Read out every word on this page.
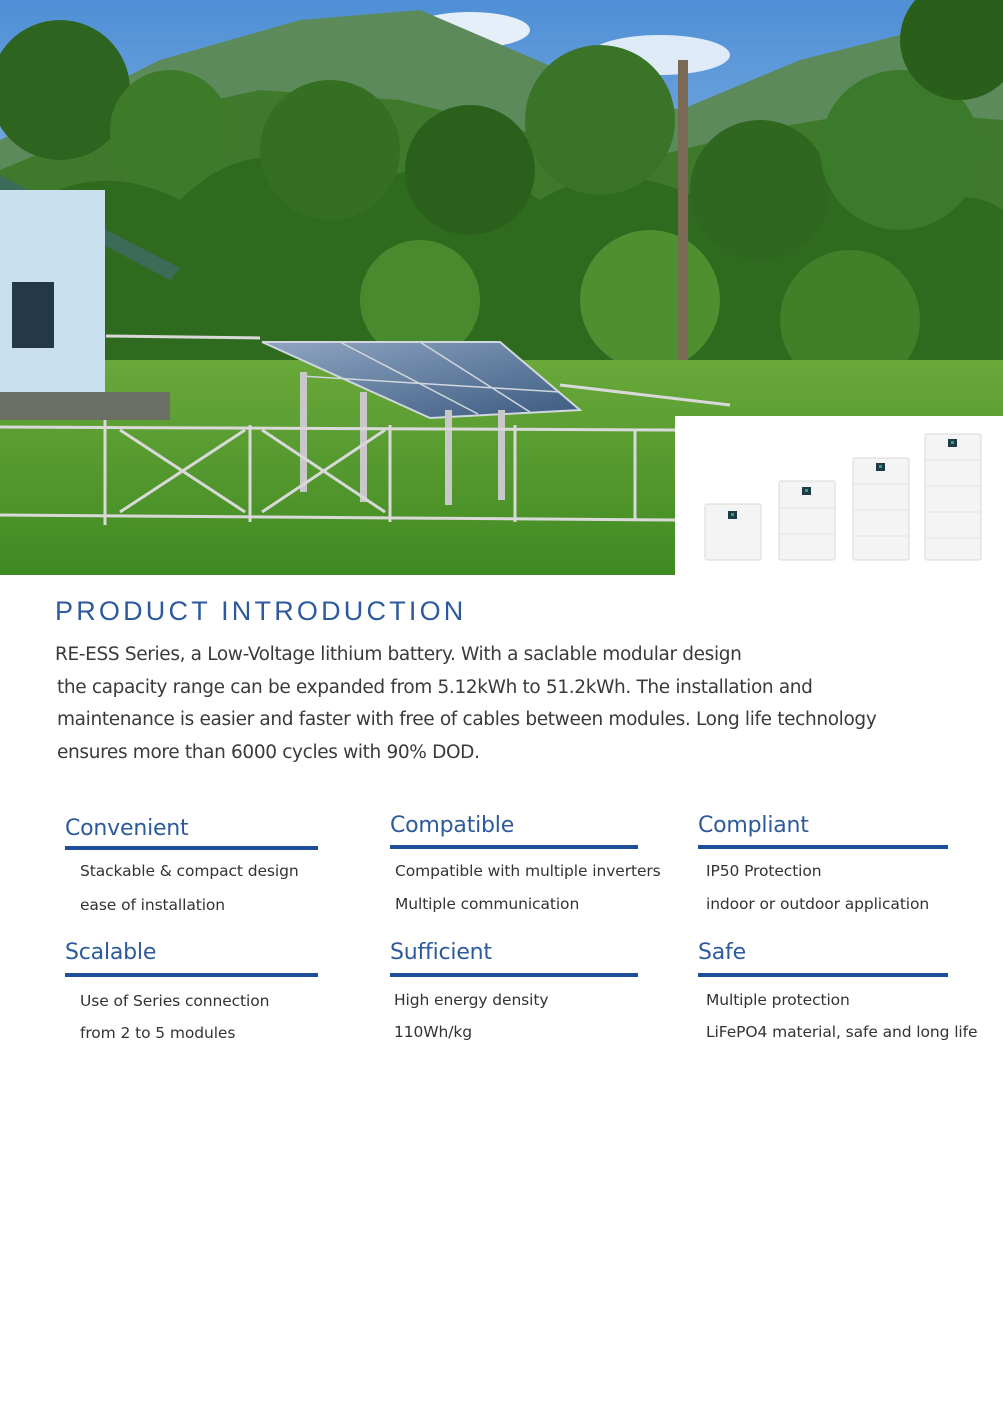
PRODUCT INTRODUCTION

RE-ESS Series, a Low-Voltage lithium battery. With a saclable modular design

the capacity range can be expanded from 5.12kWh to 51.2kWh. The installation and

maintenance is easier and faster with free of cables between modules. Long life technology

ensures more than 6000 cycles with 90% DOD.

Convenient

Stackable & compact design

ease of installation

Compatible

Compatible with multiple inverters

Multiple communication

Compliant

IP50 Protection

indoor or outdoor application

Scalable

Use of Series connection

from 2 to 5 modules

Sufficient

High energy density

110Wh/kg

Safe

Multiple protection

LiFePO4 material, safe and long life
